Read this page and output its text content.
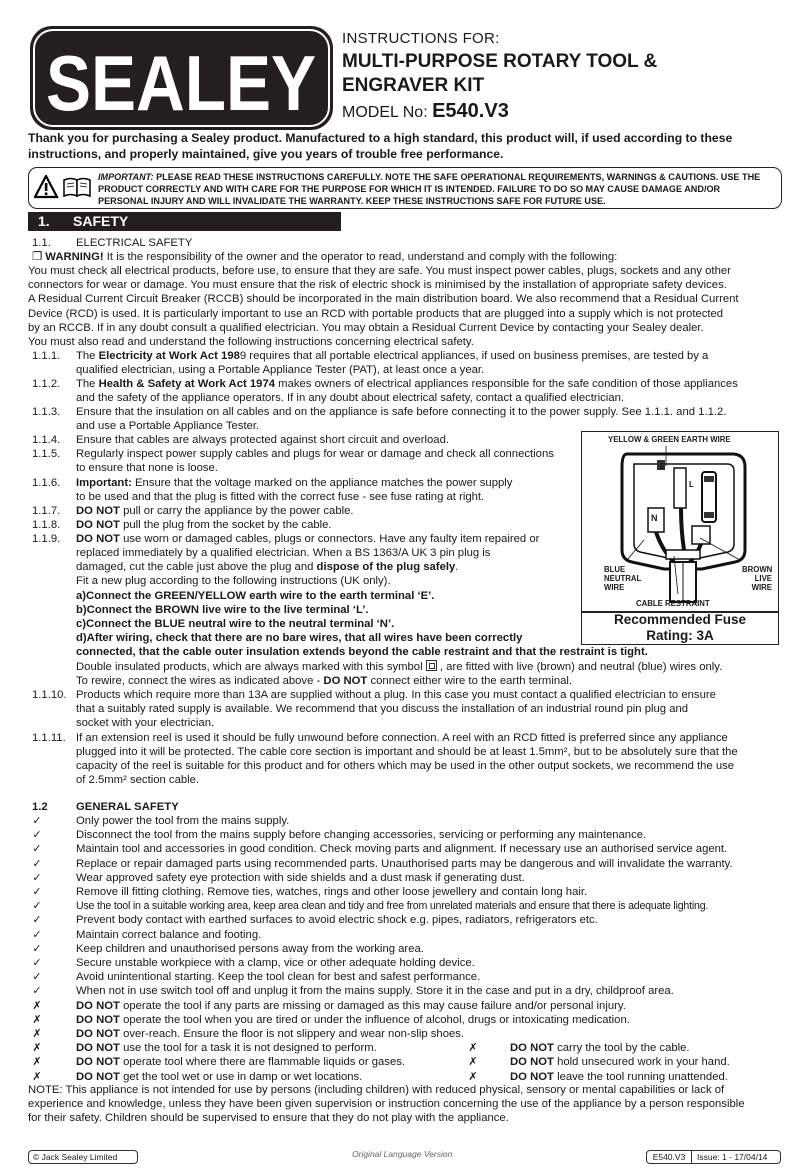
SEALEY
INSTRUCTIONS FOR:
MULTI-PURPOSE ROTARY TOOL &
ENGRAVER KIT
MODEL No: E540.V3
Thank you for purchasing a Sealey product. Manufactured to a high standard, this product will, if used according to these
instructions, and properly maintained, give you years of trouble free performance.
IMPORTANT: PLEASE READ THESE INSTRUCTIONS CAREFULLY. NOTE THE SAFE OPERATIONAL REQUIREMENTS, WARNINGS & CAUTIONS. USE THE
PRODUCT CORRECTLY AND WITH CARE FOR THE PURPOSE FOR WHICH IT IS INTENDED. FAILURE TO DO SO MAY CAUSE DAMAGE AND/OR
PERSONAL INJURY AND WILL INVALIDATE THE WARRANTY. KEEP THESE INSTRUCTIONS SAFE FOR FUTURE USE.
1. SAFETY
1.1. ELECTRICAL SAFETY
❐ WARNING! It is the responsibility of the owner and the operator to read, understand and comply with the following:
You must check all electrical products, before use, to ensure that they are safe. You must inspect power cables, plugs, sockets and any other
connectors for wear or damage. You must ensure that the risk of electric shock is minimised by the installation of appropriate safety devices.
A Residual Current Circuit Breaker (RCCB) should be incorporated in the main distribution board. We also recommend that a Residual Current
Device (RCD) is used. It is particularly important to use an RCD with portable products that are plugged into a supply which is not protected
by an RCCB. If in any doubt consult a qualified electrician. You may obtain a Residual Current Device by contacting your Sealey dealer.
You must also read and understand the following instructions concerning electrical safety.
1.1.1. The Electricity at Work Act 1989 requires that all portable electrical appliances, if used on business premises, are tested by a
qualified electrician, using a Portable Appliance Tester (PAT), at least once a year.
1.1.2. The Health & Safety at Work Act 1974 makes owners of electrical appliances responsible for the safe condition of those appliances
and the safety of the appliance operators. If in any doubt about electrical safety, contact a qualified electrician.
1.1.3. Ensure that the insulation on all cables and on the appliance is safe before connecting it to the power supply. See 1.1.1. and 1.1.2.
and use a Portable Appliance Tester.
1.1.4. Ensure that cables are always protected against short circuit and overload.
1.1.5. Regularly inspect power supply cables and plugs for wear or damage and check all connections
to ensure that none is loose.
1.1.6. Important: Ensure that the voltage marked on the appliance matches the power supply
to be used and that the plug is fitted with the correct fuse - see fuse rating at right.
1.1.7. DO NOT pull or carry the appliance by the power cable.
1.1.8. DO NOT pull the plug from the socket by the cable.
1.1.9. DO NOT use worn or damaged cables, plugs or connectors. Have any faulty item repaired or
replaced immediately by a qualified electrician. When a BS 1363/A UK 3 pin plug is
damaged, cut the cable just above the plug and dispose of the plug safely.
Fit a new plug according to the following instructions (UK only).
a)Connect the GREEN/YELLOW earth wire to the earth terminal ‘E’.
b)Connect the BROWN live wire to the live terminal ‘L’.
c)Connect the BLUE neutral wire to the neutral terminal ‘N’.
d)After wiring, check that there are no bare wires, that all wires have been correctly
connected, that the cable outer insulation extends beyond the cable restraint and that the restraint is tight.
Double insulated products, which are always marked with this symbol
, are fitted with live (brown) and neutral (blue) wires only.
To rewire, connect the wires as indicated above - DO NOT connect either wire to the earth terminal.
1.1.10. Products which require more than 13A are supplied without a plug. In this case you must contact a qualified electrician to ensure
that a suitably rated supply is available. We recommend that you discuss the installation of an industrial round pin plug and
socket with your electrician.
1.1.11. If an extension reel is used it should be fully unwound before connection. A reel with an RCD fitted is preferred since any appliance
plugged into it will be protected. The cable core section is important and should be at least 1.5mm², but to be absolutely sure that the
capacity of the reel is suitable for this product and for others which may be used in the other output sockets, we recommend the use
of 2.5mm² section cable.
YELLOW & GREEN EARTH WIRE
E
L
N
BLUE
NEUTRAL
WIRE
BROWN
LIVE
WIRE
CABLE RESTRAINT
Recommended Fuse
Rating: 3A
1.2	GENERAL SAFETY
✓	Only power the tool from the mains supply.
✓	Disconnect the tool from the mains supply before changing accessories, servicing or performing any maintenance.
✓	Maintain tool and accessories in good condition. Check moving parts and alignment. If necessary use an authorised service agent.
✓	Replace or repair damaged parts using recommended parts. Unauthorised parts may be dangerous and will invalidate the warranty.
✓	Wear approved safety eye protection with side shields and a dust mask if generating dust.
✓	Remove ill fitting clothing. Remove ties, watches, rings and other loose jewellery and contain long hair.
✓	Use the tool in a suitable working area, keep area clean and tidy and free from unrelated materials and ensure that there is adequate lighting.
✓	Prevent body contact with earthed surfaces to avoid electric shock e.g. pipes, radiators, refrigerators etc.
✓	Maintain correct balance and footing.
✓	Keep children and unauthorised persons away from the working area.
✓	Secure unstable workpiece with a clamp, vice or other adequate holding device.
✓	Avoid unintentional starting. Keep the tool clean for best and safest performance.
✓	When not in use switch tool off and unplug it from the mains supply. Store it in the case and put in a dry, childproof area.
✗	DO NOT operate the tool if any parts are missing or damaged as this may cause failure and/or personal injury.
✗	DO NOT operate the tool when you are tired or under the influence of alcohol, drugs or intoxicating medication.
✗	DO NOT over-reach. Ensure the floor is not slippery and wear non-slip shoes.
✗	DO NOT use the tool for a task it is not designed to perform.	✗	DO NOT carry the tool by the cable.
✗	DO NOT operate tool where there are flammable liquids or gases.	✗	DO NOT hold unsecured work in your hand.
✗	DO NOT get the tool wet or use in damp or wet locations.	✗	DO NOT leave the tool running unattended.
NOTE: This appliance is not intended for use by persons (including children) with reduced physical, sensory or mental capabilities or lack of
experience and knowledge, unless they have been given supervision or instruction concerning the use of the appliance by a person responsible
for their safety. Children should be supervised to ensure that they do not play with the appliance.
© Jack Sealey Limited	Original Language Version	E540.V3 Issue: 1 - 17/04/14
